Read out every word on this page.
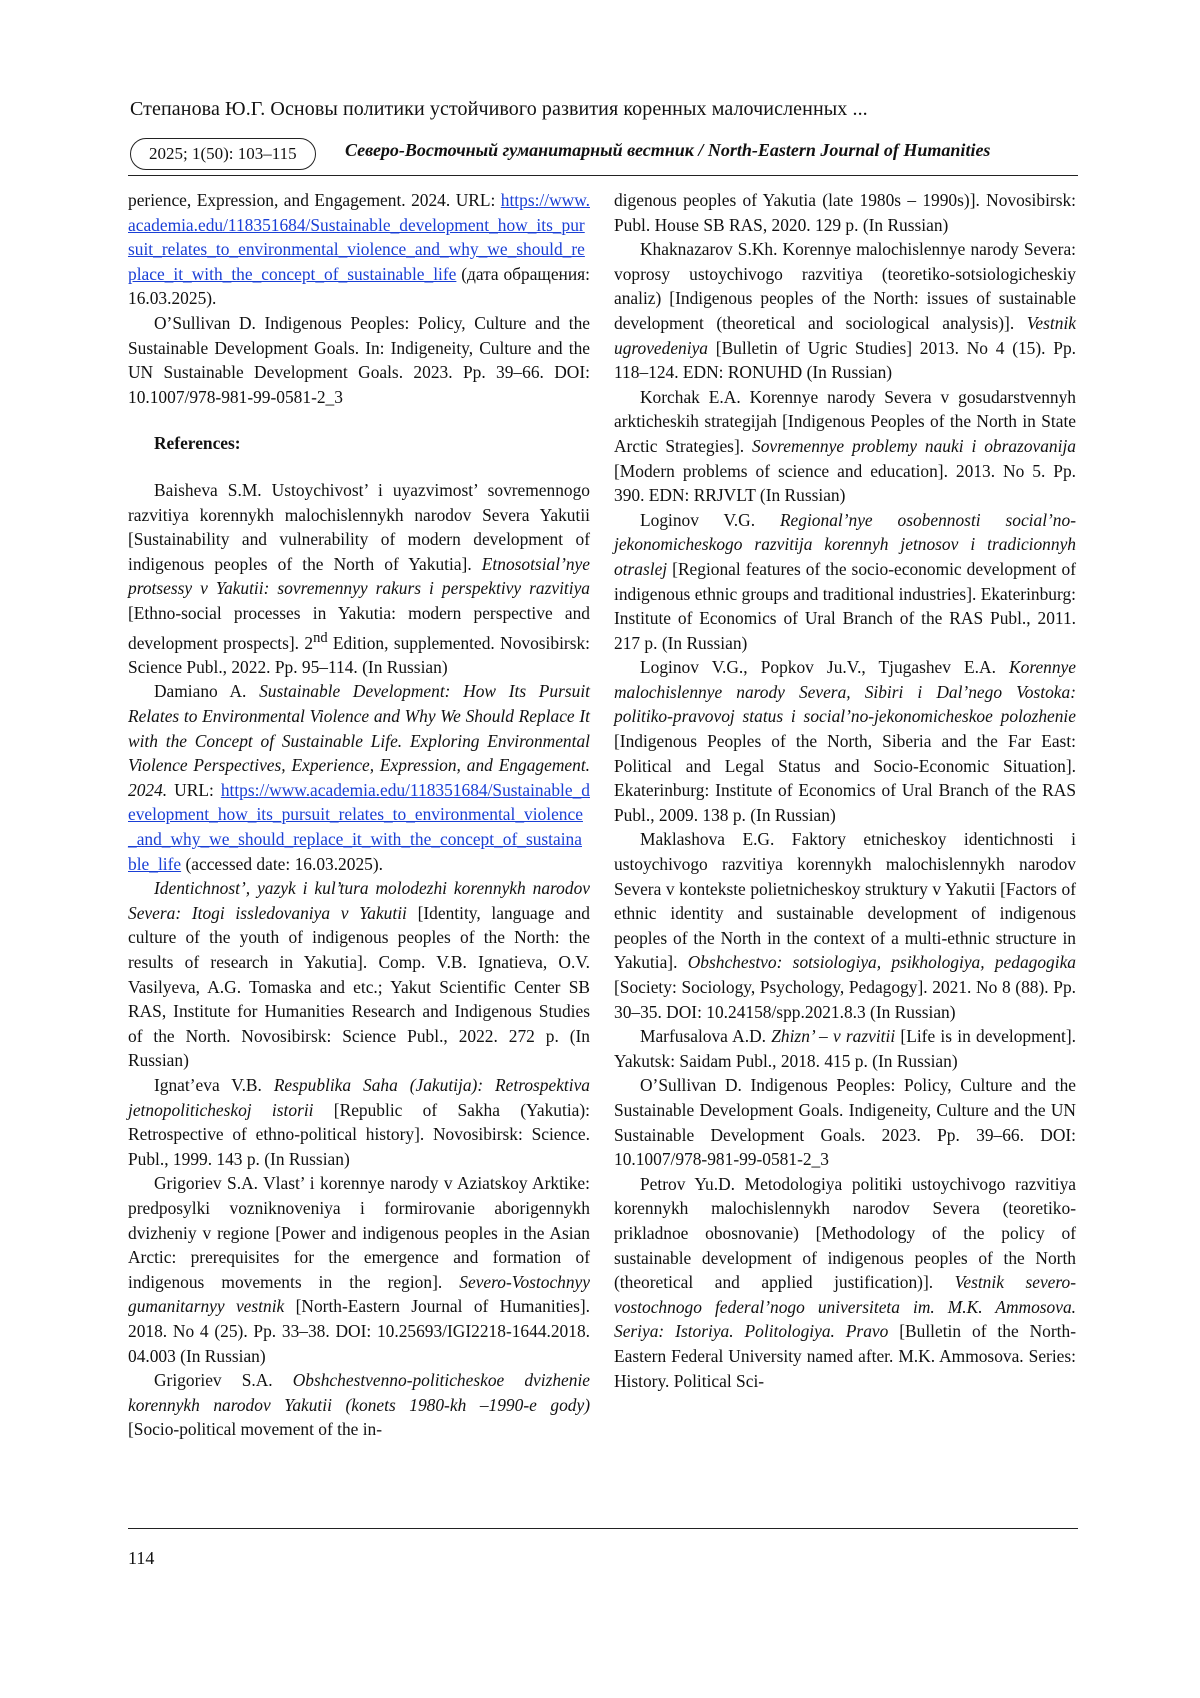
Степанова Ю.Г. Основы политики устойчивого развития коренных малочисленных ...
2025; 1(50): 103–115	Северо-Восточный гуманитарный вестник / North-Eastern Journal of Humanities

perience, Expression, and Engagement. 2024. URL: https://www.academia.edu/118351684/Sustainable_development_how_its_pursuit_relates_to_environmental_violence_and_why_we_should_replace_it_with_the_concept_of_sustainable_life (дата обращения: 16.03.2025).

O’Sullivan D. Indigenous Peoples: Policy, Culture and the Sustainable Development Goals. In: Indigeneity, Culture and the UN Sustainable Development Goals. 2023. Pp. 39–66. DOI: 10.1007/978-981-99-0581-2_3

References:

Baisheva S.M. Ustoychivost’ i uyazvimost’ sovremennogo razvitiya korennykh malochislennykh narodov Severa Yakutii [Sustainability and vulnerability of modern development of indigenous peoples of the North of Yakutia]. Etnosotsial’nye protsessy v Yakutii: sovremennyy rakurs i perspektivy razvitiya [Ethno-social processes in Yakutia: modern perspective and development prospects]. 2nd Edition, supplemented. Novosibirsk: Science Publ., 2022. Pp. 95–114. (In Russian)

Damiano A. Sustainable Development: How Its Pursuit Relates to Environmental Violence and Why We Should Replace It with the Concept of Sustainable Life. Exploring Environmental Violence Perspectives, Experience, Expression, and Engagement. 2024. URL: https://www.academia.edu/118351684/Sustainable_development_how_its_pursuit_relates_to_environmental_violence_and_why_we_should_replace_it_with_the_concept_of_sustainable_life (accessed date: 16.03.2025).

Identichnost’, yazyk i kul’tura molodezhi korennykh narodov Severa: Itogi issledovaniya v Yakutii [Identity, language and culture of the youth of indigenous peoples of the North: the results of research in Yakutia]. Comp. V.B. Ignatieva, O.V. Vasilyeva, A.G. Tomaska and etc.; Yakut Scientific Center SB RAS, Institute for Humanities Research and Indigenous Studies of the North. Novosibirsk: Science Publ., 2022. 272 p. (In Russian)

Ignat’eva V.B. Respublika Saha (Jakutija): Retrospektiva jetnopoliticheskoj istorii [Republic of Sakha (Yakutia): Retrospective of ethno-political history]. Novosibirsk: Science. Publ., 1999. 143 p. (In Russian)

Grigoriev S.A. Vlast’ i korennye narody v Aziatskoy Arktike: predposylki vozniknoveniya i formirovanie aborigennykh dvizheniy v regione [Power and indigenous peoples in the Asian Arctic: prerequisites for the emergence and formation of indigenous movements in the region]. Severo-Vostochnyy gumanitarnyy vestnik [North-Eastern Journal of Humanities]. 2018. No 4 (25). Pp. 33–38. DOI: 10.25693/IGI2218-1644.2018. 04.003 (In Russian)

Grigoriev S.A. Obshchestvenno-politicheskoe dvizhenie korennykh narodov Yakutii (konets 1980-kh –1990-e gody) [Socio-political movement of the in-

digenous peoples of Yakutia (late 1980s – 1990s)]. Novosibirsk: Publ. House SB RAS, 2020. 129 p. (In Russian)

Khaknazarov S.Kh. Korennye malochislennye narody Severa: voprosy ustoychivogo razvitiya (teoretiko-sotsiologicheskiy analiz) [Indigenous peoples of the North: issues of sustainable development (theoretical and sociological analysis)]. Vestnik ugrovedeniya [Bulletin of Ugric Studies] 2013. No 4 (15). Pp. 118–124. EDN: RONUHD (In Russian)

Korchak E.A. Korennye narody Severa v gosudarstvennyh arkticheskih strategijah [Indigenous Peoples of the North in State Arctic Strategies]. Sovremennye problemy nauki i obrazovanija [Modern problems of science and education]. 2013. No 5. Pp. 390. EDN: RRJVLT (In Russian)

Loginov V.G. Regional’nye osobennosti social’no-jekonomicheskogo razvitija korennyh jetnosov i tradicionnyh otraslej [Regional features of the socio-economic development of indigenous ethnic groups and traditional industries]. Ekaterinburg: Institute of Economics of Ural Branch of the RAS Publ., 2011. 217 p. (In Russian)

Loginov V.G., Popkov Ju.V., Tjugashev E.A. Korennye malochislennye narody Severa, Sibiri i Dal’nego Vostoka: politiko-pravovoj status i social’no-jekonomicheskoe polozhenie [Indigenous Peoples of the North, Siberia and the Far East: Political and Legal Status and Socio-Economic Situation]. Ekaterinburg: Institute of Economics of Ural Branch of the RAS Publ., 2009. 138 p. (In Russian)

Maklashova E.G. Faktory etnicheskoy identichnosti i ustoychivogo razvitiya korennykh malochislennykh narodov Severa v kontekste polietnicheskoy struktury v Yakutii [Factors of ethnic identity and sustainable development of indigenous peoples of the North in the context of a multi-ethnic structure in Yakutia]. Obshchestvo: sotsiologiya, psikhologiya, pedagogika [Society: Sociology, Psychology, Pedagogy]. 2021. No 8 (88). Pp. 30–35. DOI: 10.24158/spp.2021.8.3 (In Russian)

Marfusalova A.D. Zhizn’ – v razvitii [Life is in development]. Yakutsk: Saidam Publ., 2018. 415 p. (In Russian)

O’Sullivan D. Indigenous Peoples: Policy, Culture and the Sustainable Development Goals. Indigeneity, Culture and the UN Sustainable Development Goals. 2023. Pp. 39–66. DOI: 10.1007/978-981-99-0581-2_3

Petrov Yu.D. Metodologiya politiki ustoychivogo razvitiya korennykh malochislennykh narodov Severa (teoretiko-prikladnoe obosnovanie) [Methodology of the policy of sustainable development of indigenous peoples of the North (theoretical and applied justification)]. Vestnik severo-vostochnogo federal’nogo universiteta im. M.K. Ammosova. Seriya: Istoriya. Politologiya. Pravo [Bulletin of the North-Eastern Federal University named after. M.K. Ammosova. Series: History. Political Sci-

114
